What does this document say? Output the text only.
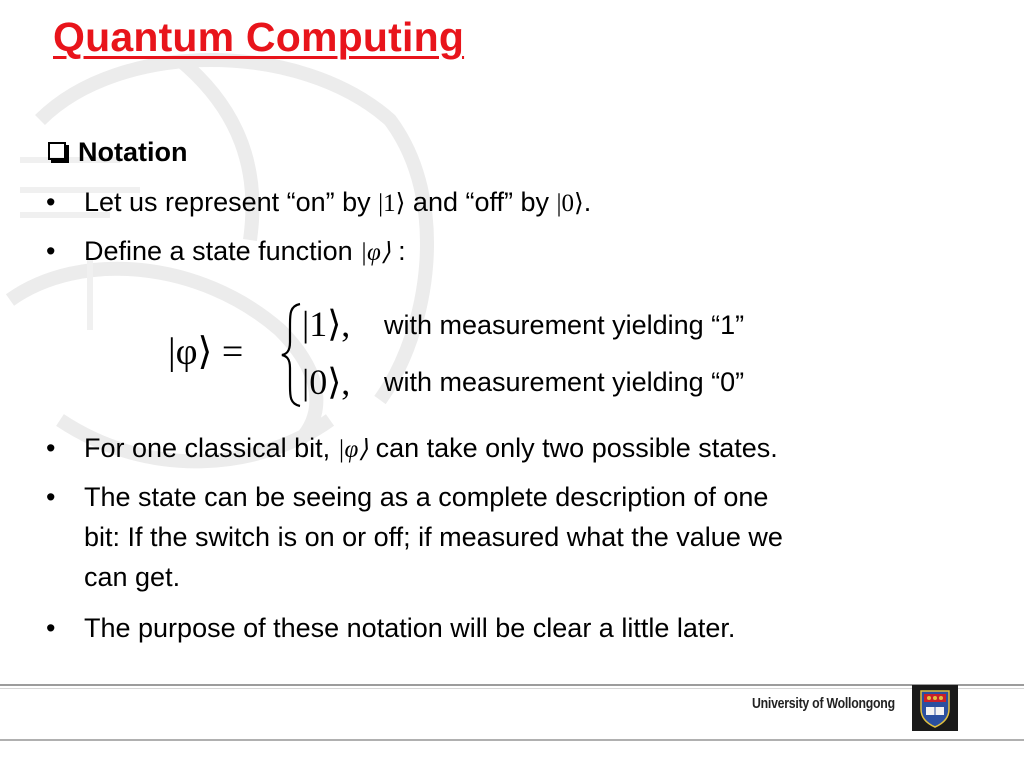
Quantum Computing
Notation
• Let us represent “on” by |1⟩ and “off” by |0⟩.
• Define a state function |φ⟩ :
|φ⟩ =
|1⟩, with measurement yielding “1”
|0⟩, with measurement yielding “0”
• For one classical bit, |φ⟩ can take only two possible states.
• The state can be seeing as a complete description of one
bit: If the switch is on or off; if measured what the value we
can get.
• The purpose of these notation will be clear a little later.
University of Wollongong
